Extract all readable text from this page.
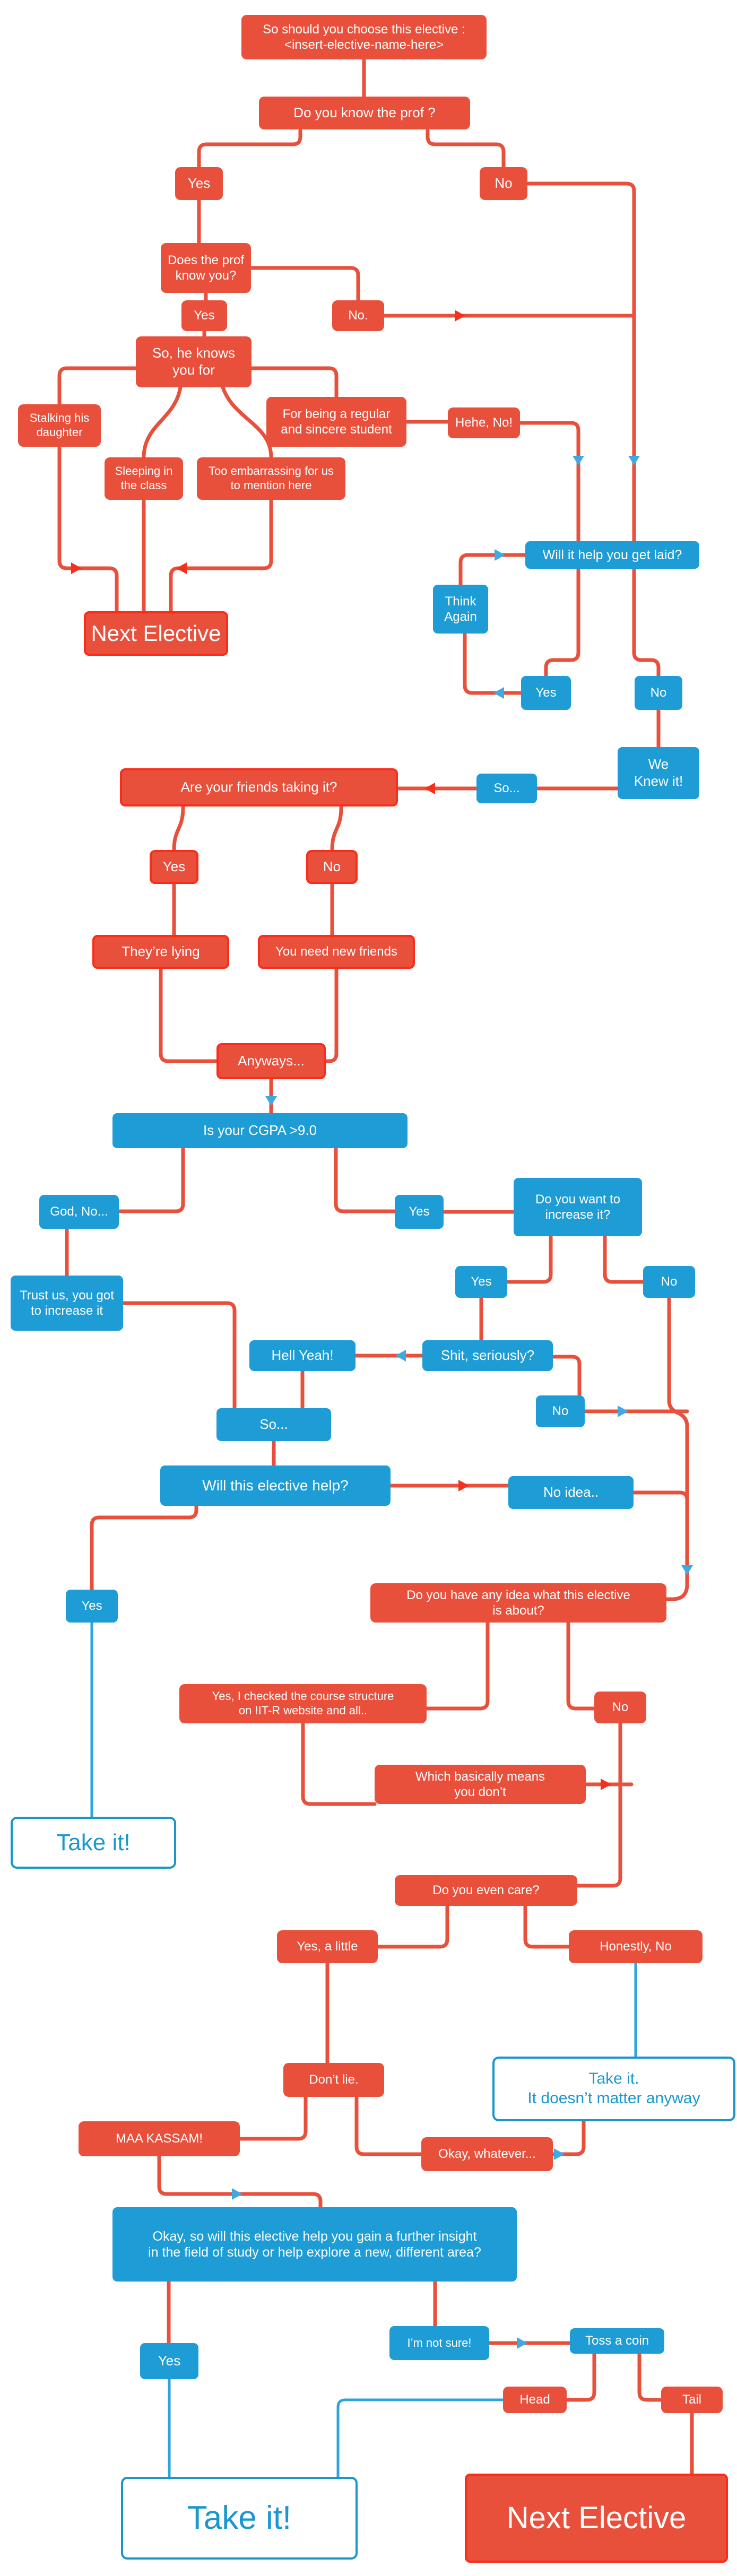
So should you choose this elective :
<insert-elective-name-here>
Do you know the prof ?
Yes	No
Does the prof
know you?
Yes	No.
So, he knows
you for
Stalking his
daughter
For being a regular
and sincere student	Hehe, No!
Sleeping in
the class
Too embarrassing for us
to mention here
Next Elective
Will it help you get laid?
Think
Again
Yes	No
We
Knew it!
So...
Are your friends taking it?
Yes	No
They’re lying	You need new friends
Anyways...
Is your CGPA >9.0
God, No...	Yes
Do you want to
increase it?
Trust us, you got
to increase it
Yes	No
Hell Yeah!	Shit, seriously?
No
So...
Will this elective help?	No idea..
Yes
Do you have any idea what this elective
is about?
Yes, I checked the course structure
on IIT-R website and all..	No
Which basically means
you don’t
Take it!
Do you even care?
Yes, a little	Honestly, No
Don’t lie.	Take it.
It doesn’t matter anyway
MAA KASSAM!
Okay, whatever...
Okay, so will this elective help you gain a further insight
in the field of study or help explore a new, different area?
Yes
I’m not sure!	Toss a coin
Head	Tail
Take it!	Next Elective
